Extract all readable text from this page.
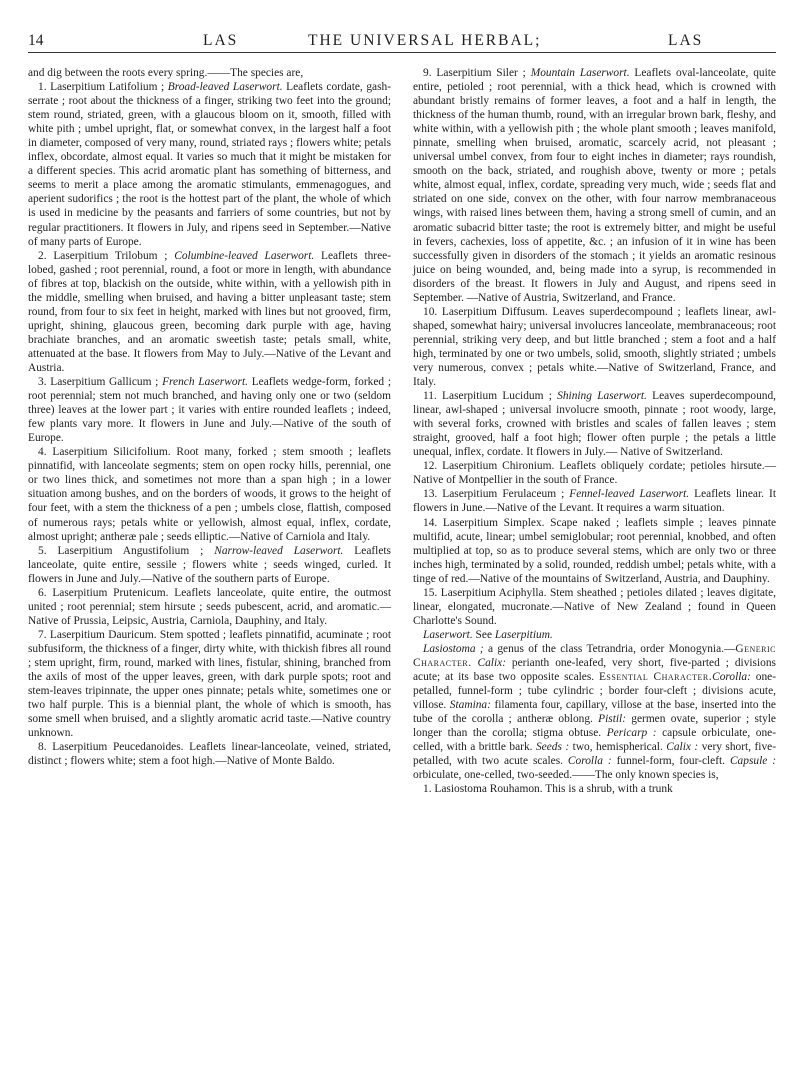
14	LAS	THE UNIVERSAL HERBAL;	LAS

and dig between the roots every spring.——The species are,

1. Laserpitium Latifolium ; Broad-leaved Laserwort. Leaflets cordate, gash-serrate ; root about the thickness of a finger, striking two feet into the ground; stem round, striated, green, with a glaucous bloom on it, smooth, filled with white pith ; umbel upright, flat, or somewhat convex, in the largest half a foot in diameter, composed of very many, round, striated rays ; flowers white; petals inflex, obcordate, almost equal. It varies so much that it might be mistaken for a different species. This acrid aromatic plant has something of bitterness, and seems to merit a place among the aromatic stimulants, emmenagogues, and aperient sudorifics ; the root is the hottest part of the plant, the whole of which is used in medicine by the peasants and farriers of some countries, but not by regular practitioners. It flowers in July, and ripens seed in September.—Native of many parts of Europe.

2. Laserpitium Trilobum ; Columbine-leaved Laserwort. Leaflets three-lobed, gashed ; root perennial, round, a foot or more in length, with abundance of fibres at top, blackish on the outside, white within, with a yellowish pith in the middle, smelling when bruised, and having a bitter unpleasant taste; stem round, from four to six feet in height, marked with lines but not grooved, firm, upright, shining, glaucous green, becoming dark purple with age, having brachiate branches, and an aromatic sweetish taste; petals small, white, attenuated at the base. It flowers from May to July.—Native of the Levant and Austria.

3. Laserpitium Gallicum ; French Laserwort. Leaflets wedge-form, forked ; root perennial; stem not much branched, and having only one or two (seldom three) leaves at the lower part ; it varies with entire rounded leaflets ; indeed, few plants vary more. It flowers in June and July.—Native of the south of Europe.

4. Laserpitium Silicifolium. Root many, forked ; stem smooth ; leaflets pinnatifid, with lanceolate segments; stem on open rocky hills, perennial, one or two lines thick, and sometimes not more than a span high ; in a lower situation among bushes, and on the borders of woods, it grows to the height of four feet, with a stem the thickness of a pen ; umbels close, flattish, composed of numerous rays; petals white or yellowish, almost equal, inflex, cordate, almost upright; antheræ pale ; seeds elliptic.—Native of Carniola and Italy.

5. Laserpitium Angustifolium ; Narrow-leaved Laserwort. Leaflets lanceolate, quite entire, sessile ; flowers white ; seeds winged, curled. It flowers in June and July.—Native of the southern parts of Europe.

6. Laserpitium Prutenicum. Leaflets lanceolate, quite entire, the outmost united ; root perennial; stem hirsute ; seeds pubescent, acrid, and aromatic.—Native of Prussia, Leipsic, Austria, Carniola, Dauphiny, and Italy.

7. Laserpitium Dauricum. Stem spotted ; leaflets pinnatifid, acuminate ; root subfusiform, the thickness of a finger, dirty white, with thickish fibres all round ; stem upright, firm, round, marked with lines, fistular, shining, branched from the axils of most of the upper leaves, green, with dark purple spots; root and stem-leaves tripinnate, the upper ones pinnate; petals white, sometimes one or two half purple. This is a biennial plant, the whole of which is smooth, has some smell when bruised, and a slightly aromatic acrid taste.—Native country unknown.

8. Laserpitium Peucedanoides. Leaflets linear-lanceolate, veined, striated, distinct ; flowers white; stem a foot high.—Native of Monte Baldo.

9. Laserpitium Siler ; Mountain Laserwort. Leaflets oval-lanceolate, quite entire, petioled ; root perennial, with a thick head, which is crowned with abundant bristly remains of former leaves, a foot and a half in length, the thickness of the human thumb, round, with an irregular brown bark, fleshy, and white within, with a yellowish pith ; the whole plant smooth ; leaves manifold, pinnate, smelling when bruised, aromatic, scarcely acrid, not pleasant ; universal umbel convex, from four to eight inches in diameter; rays roundish, smooth on the back, striated, and roughish above, twenty or more ; petals white, almost equal, inflex, cordate, spreading very much, wide ; seeds flat and striated on one side, convex on the other, with four narrow membranaceous wings, with raised lines between them, having a strong smell of cumin, and an aromatic subacrid bitter taste; the root is extremely bitter, and might be useful in fevers, cachexies, loss of appetite, &c. ; an infusion of it in wine has been successfully given in disorders of the stomach ; it yields an aromatic resinous juice on being wounded, and, being made into a syrup, is recommended in disorders of the breast. It flowers in July and August, and ripens seed in September. —Native of Austria, Switzerland, and France.

10. Laserpitium Diffusum. Leaves superdecompound ; leaflets linear, awl-shaped, somewhat hairy; universal involucres lanceolate, membranaceous; root perennial, striking very deep, and but little branched ; stem a foot and a half high, terminated by one or two umbels, solid, smooth, slightly striated ; umbels very numerous, convex ; petals white.—Native of Switzerland, France, and Italy.

11. Laserpitium Lucidum ; Shining Laserwort. Leaves superdecompound, linear, awl-shaped ; universal involucre smooth, pinnate ; root woody, large, with several forks, crowned with bristles and scales of fallen leaves ; stem straight, grooved, half a foot high; flower often purple ; the petals a little unequal, inflex, cordate. It flowers in July.— Native of Switzerland.

12. Laserpitium Chironium. Leaflets obliquely cordate; petioles hirsute.—Native of Montpellier in the south of France.

13. Laserpitium Ferulaceum ; Fennel-leaved Laserwort. Leaflets linear. It flowers in June.—Native of the Levant. It requires a warm situation.

14. Laserpitium Simplex. Scape naked ; leaflets simple ; leaves pinnate multifid, acute, linear; umbel semiglobular; root perennial, knobbed, and often multiplied at top, so as to produce several stems, which are only two or three inches high, terminated by a solid, rounded, reddish umbel; petals white, with a tinge of red.—Native of the mountains of Switzerland, Austria, and Dauphiny.

15. Laserpitium Aciphylla. Stem sheathed ; petioles dilated ; leaves digitate, linear, elongated, mucronate.—Native of New Zealand ; found in Queen Charlotte's Sound.

Laserwort. See Laserpitium.

Lasiostoma ; a genus of the class Tetrandria, order Monogynia.—Generic Character. Calix: perianth one-leafed, very short, five-parted ; divisions acute; at its base two opposite scales. Essential Character.Corolla: one-petalled, funnel-form ; tube cylindric ; border four-cleft ; divisions acute, villose. Stamina: filamenta four, capillary, villose at the base, inserted into the tube of the corolla ; antheræ oblong. Pistil: germen ovate, superior ; style longer than the corolla; stigma obtuse. Pericarp : capsule orbiculate, one-celled, with a brittle bark. Seeds : two, hemispherical. Calix : very short, five-petalled, with two acute scales. Corolla : funnel-form, four-cleft. Capsule : orbiculate, one-celled, two-seeded.——The only known species is,

1. Lasiostoma Rouhamon. This is a shrub, with a trunk
